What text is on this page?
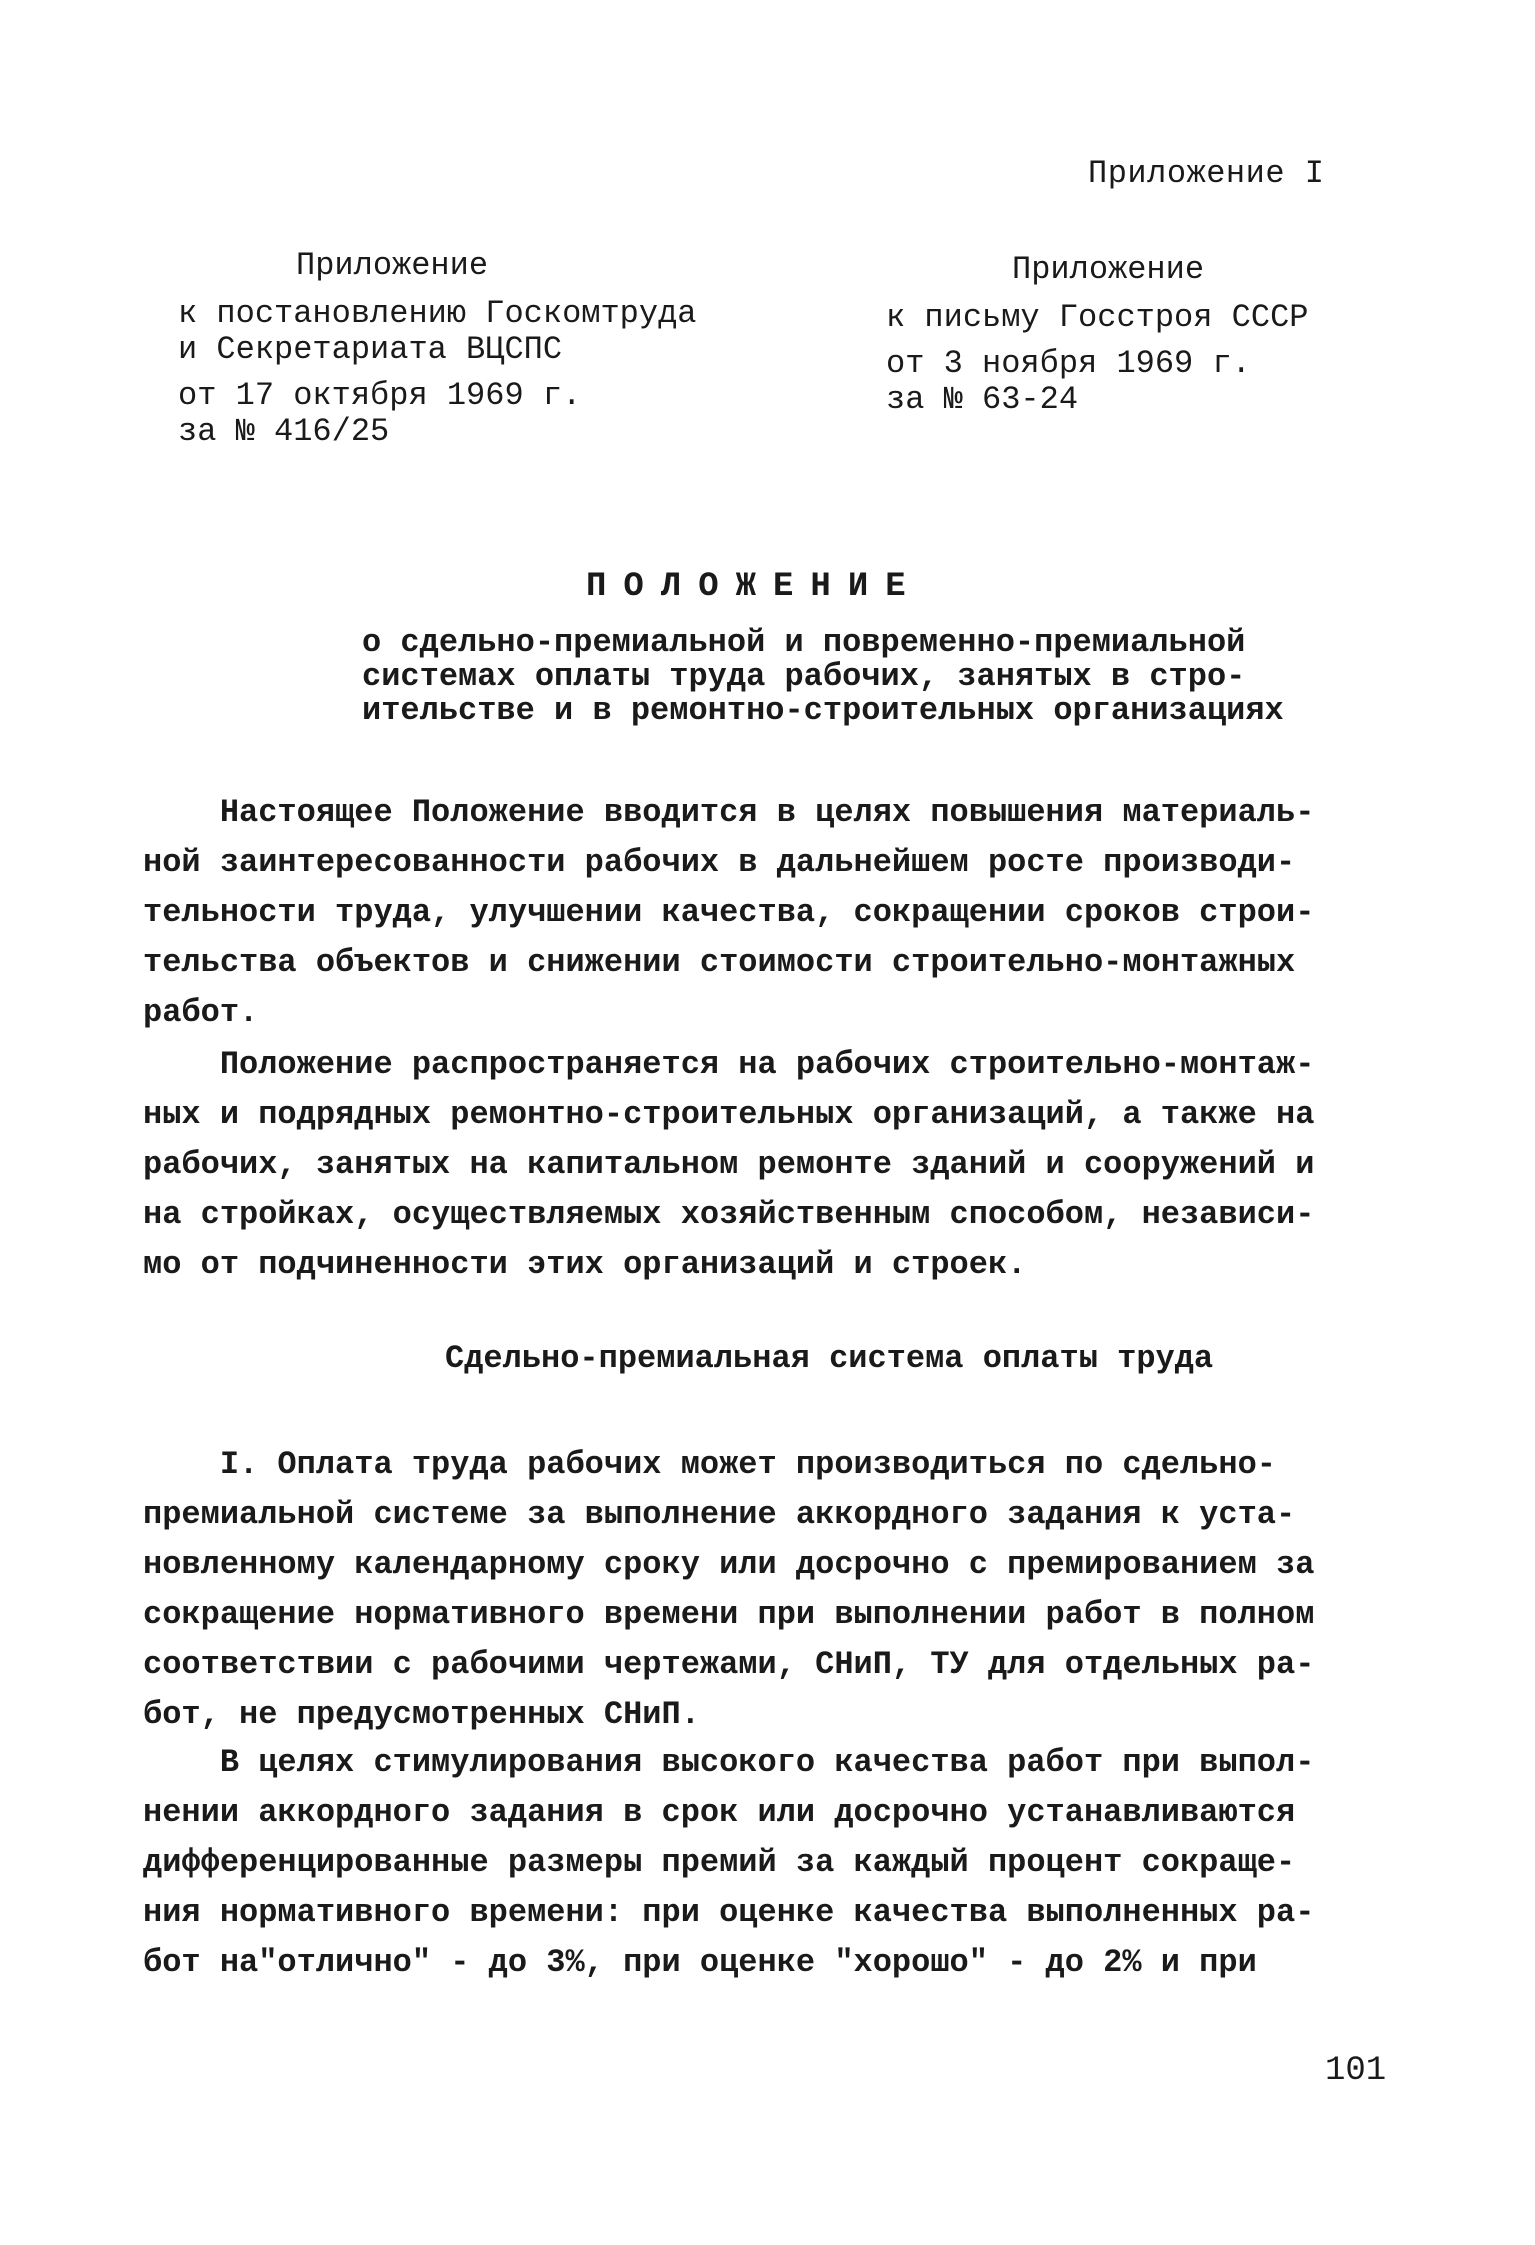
Приложение I
Приложение
к постановлению Госкомтруда
и Секретариата ВЦСПС
от 17 октября 1969 г.
за № 416/25
Приложение
к письму Госстроя СССР
от 3 ноября 1969 г.
за № 63-24
ПОЛОЖЕНИЕ
о сдельно-премиальной и повременно-премиальной
системах оплаты труда рабочих, занятых в стро-
ительстве и в ремонтно-строительных организациях
Настоящее Положение вводится в целях повышения материаль-
ной заинтересованности рабочих в дальнейшем росте производи-
тельности труда, улучшении качества, сокращении сроков строи-
тельства объектов и снижении стоимости строительно-монтажных
работ.
Положение распространяется на рабочих строительно-монтаж-
ных и подрядных ремонтно-строительных организаций, а также на
рабочих, занятых на капитальном ремонте зданий и сооружений и
на стройках, осуществляемых хозяйственным способом, независи-
мо от подчиненности этих организаций и строек.
Сдельно-премиальная система оплаты труда
I. Оплата труда рабочих может производиться по сдельно-
премиальной системе за выполнение аккордного задания к уста-
новленному календарному сроку или досрочно с премированием за
сокращение нормативного времени при выполнении работ в полном
соответствии с рабочими чертежами, СНиП, ТУ для отдельных ра-
бот, не предусмотренных СНиП.
В целях стимулирования высокого качества работ при выпол-
нении аккордного задания в срок или досрочно устанавливаются
дифференцированные размеры премий за каждый процент сокраще-
ния нормативного времени: при оценке качества выполненных ра-
бот на"отлично" - до 3%, при оценке "хорошо" - до 2% и при
101
